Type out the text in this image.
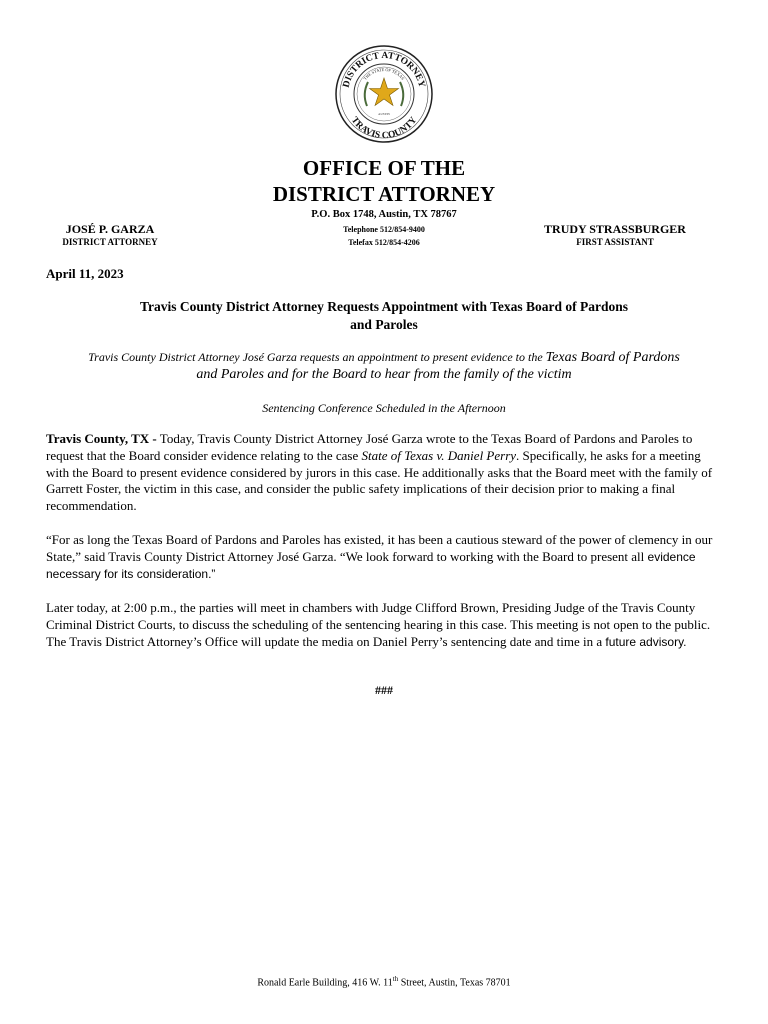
DISTRICT ATTORNEY
TRAVIS COUNTY
THE STATE OF TEXAS
AUSTIN
OFFICE OF THE
DISTRICT ATTORNEY
P.O. Box 1748, Austin, TX 78767
Telephone 512/854-9400
Telefax 512/854-4206
JOSÉ P. GARZA
DISTRICT ATTORNEY
TRUDY STRASSBURGER
FIRST ASSISTANT
April 11, 2023
Travis County District Attorney Requests Appointment with Texas Board of Pardons
and Paroles
Travis County District Attorney José Garza requests an appointment to present evidence to the Texas Board of Pardons
and Paroles and for the Board to hear from the family of the victim
Sentencing Conference Scheduled in the Afternoon
Travis County, TX - Today, Travis County District Attorney José Garza wrote to the Texas Board of Pardons and Paroles to request that the Board consider evidence relating to the case State of Texas v. Daniel Perry. Specifically, he asks for a meeting with the Board to present evidence considered by jurors in this case. He additionally asks that the Board meet with the family of Garrett Foster, the victim in this case, and consider the public safety implications of their decision prior to making a final recommendation.
“For as long the Texas Board of Pardons and Paroles has existed, it has been a cautious steward of the power of clemency in our State,” said Travis County District Attorney José Garza. “We look forward to working with the Board to present all evidence necessary for its consideration.”
Later today, at 2:00 p.m., the parties will meet in chambers with Judge Clifford Brown, Presiding Judge of the Travis County Criminal District Courts, to discuss the scheduling of the sentencing hearing in this case. This meeting is not open to the public. The Travis District Attorney’s Office will update the media on Daniel Perry’s sentencing date and time in a future advisory.
###
Ronald Earle Building, 416 W. 11th Street, Austin, Texas 78701
